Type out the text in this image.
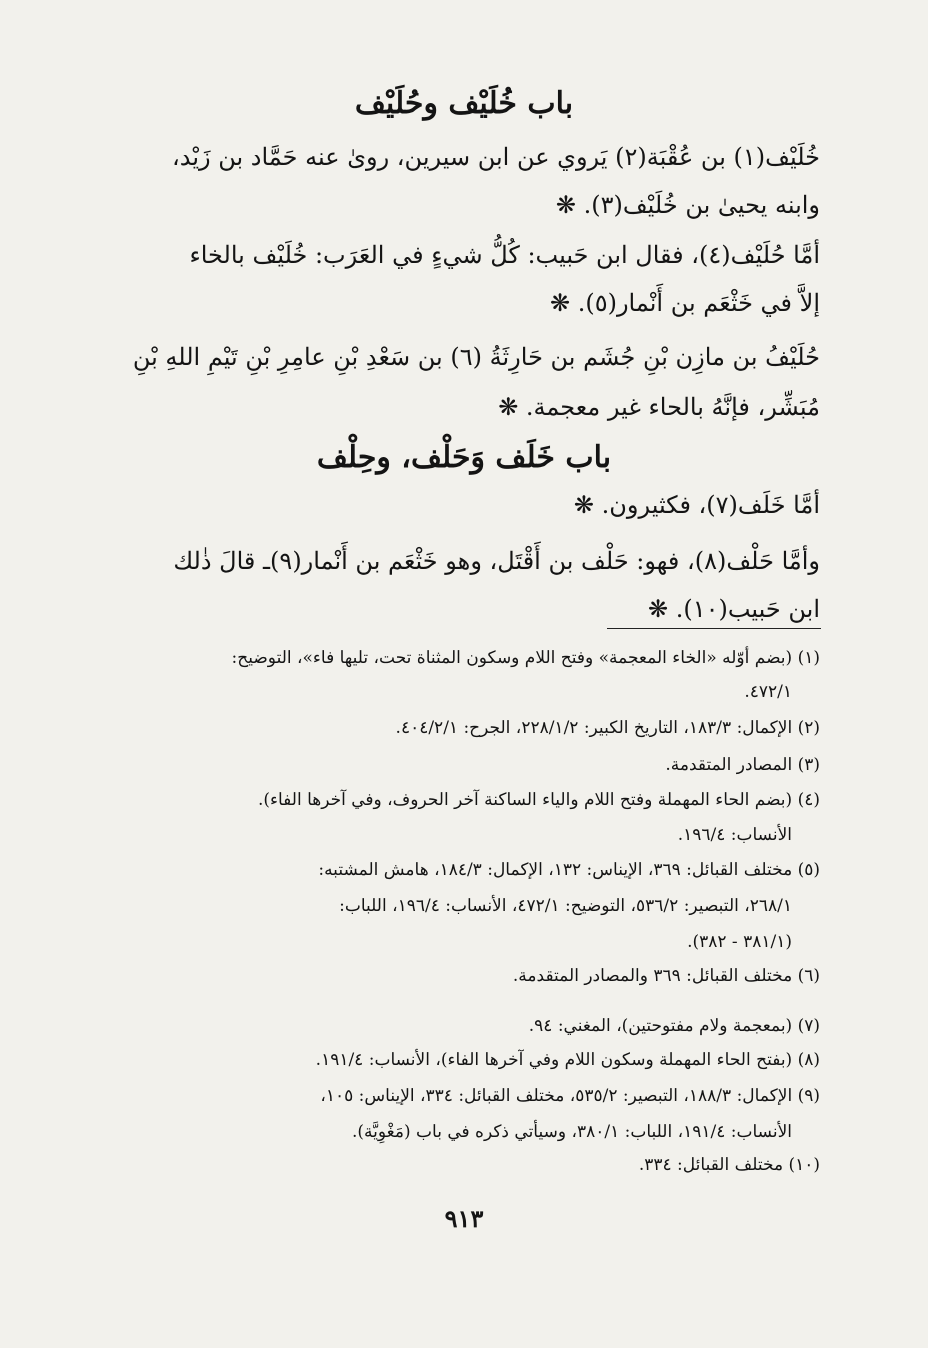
باب خُلَيْف وحُلَيْف
خُلَيْف(١) بن عُقْبَة(٢) يَروي عن ابن سيرين، روىٰ عنه حَمَّاد بن زَيْد،
وابنه يحيىٰ بن خُلَيْف(٣). ❋
أمَّا حُلَيْف(٤)، فقال ابن حَبيب: كُلُّ شيءٍ في العَرَب: خُلَيْف بالخاء
إلاَّ في خَثْعَم بن أَنْمار(٥). ❋
حُلَيْفُ بن مازِن بْنِ جُشَم بن حَارِثَةُ (٦) بن سَعْدِ بْنِ عامِرِ بْنِ تَيْمِ اللهِ بْنِ
مُبَشِّر، فإنَّهُ بالحاء غير معجمة. ❋
باب خَلَف وَحَلْف، وحِلْف
أمَّا خَلَف(٧)، فكثيرون. ❋
وأمَّا حَلْف(٨)، فهو: حَلْف بن أَقْتَل، وهو خَثْعَم بن أَنْمار(٩)ـ قالَ ذٰلك
ابن حَبيب(١٠). ❋
(١) (بضم أوّله «الخاء المعجمة» وفتح اللام وسكون المثناة تحت، تليها فاء»، التوضيح:
٤٧٢/١.
(٢) الإكمال: ١٨٣/٣، التاريخ الكبير: ٢٢٨/١/٢، الجرح: ٤٠٤/٢/١.
(٣) المصادر المتقدمة.
(٤) (بضم الحاء المهملة وفتح اللام والياء الساكنة آخر الحروف، وفي آخرها الفاء).
الأنساب: ١٩٦/٤.
(٥) مختلف القبائل: ٣٦٩، الإيناس: ١٣٢، الإكمال: ١٨٤/٣، هامش المشتبه:
٢٦٨/١، التبصير: ٥٣٦/٢، التوضيح: ٤٧٢/١، الأنساب: ١٩٦/٤، اللباب:
(٣٨١/١ - ٣٨٢).
(٦) مختلف القبائل: ٣٦٩ والمصادر المتقدمة.
(٧) (بمعجمة ولام مفتوحتين)، المغني: ٩٤.
(٨) (بفتح الحاء المهملة وسكون اللام وفي آخرها الفاء)، الأنساب: ١٩١/٤.
(٩) الإكمال: ١٨٨/٣، التبصير: ٥٣٥/٢، مختلف القبائل: ٣٣٤، الإيناس: ١٠٥،
الأنساب: ١٩١/٤، اللباب: ٣٨٠/١، وسيأتي ذكره في باب (مَغْوِيَّة).
(١٠) مختلف القبائل: ٣٣٤.
٩١٣
